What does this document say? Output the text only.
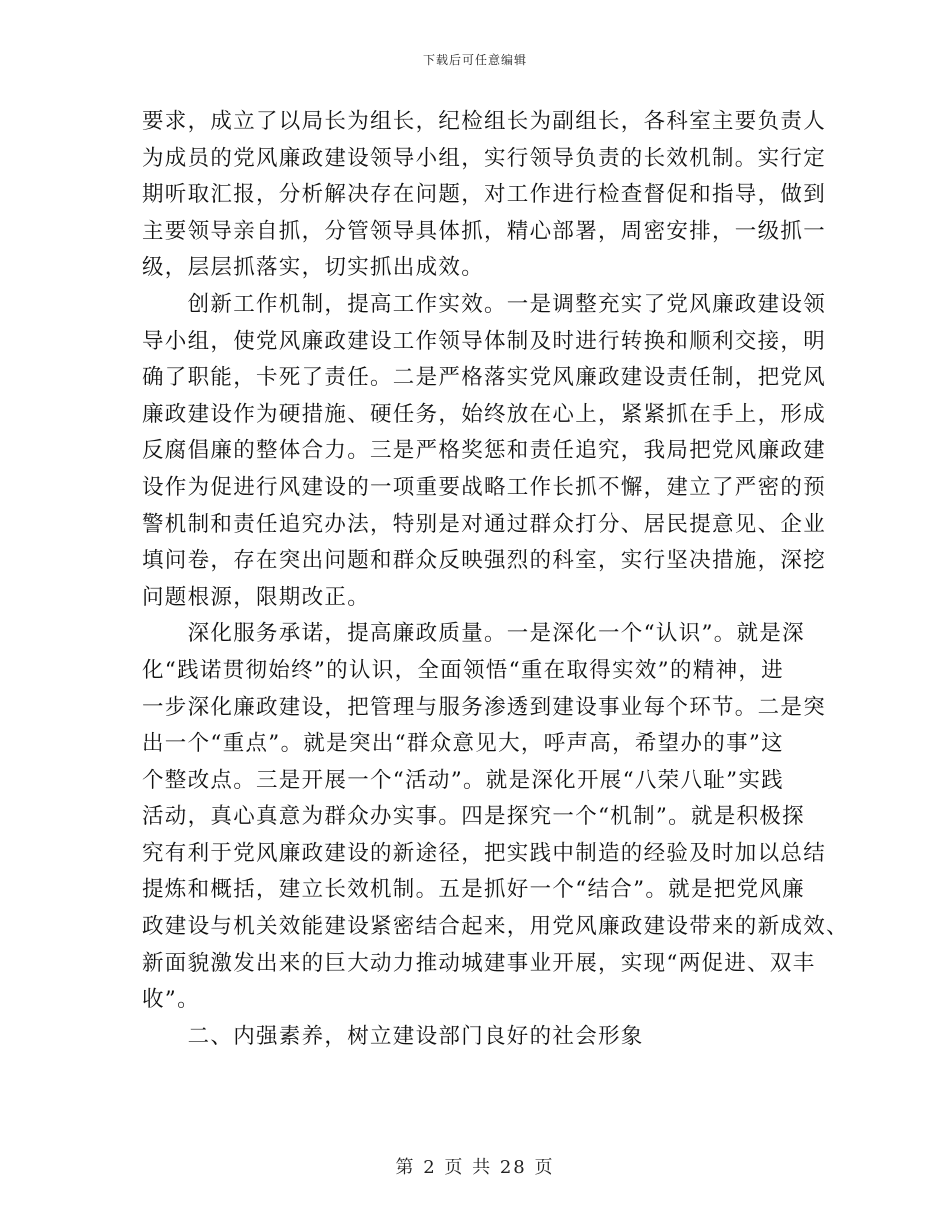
下载后可任意编辑
要求，成立了以局长为组长，纪检组长为副组长，各科室主要负责人
为成员的党风廉政建设领导小组，实行领导负责的长效机制。实行定
期听取汇报，分析解决存在问题，对工作进行检查督促和指导，做到
主要领导亲自抓，分管领导具体抓，精心部署，周密安排，一级抓一
级，层层抓落实，切实抓出成效。
　　创新工作机制，提高工作实效。一是调整充实了党风廉政建设领
导小组，使党风廉政建设工作领导体制及时进行转换和顺利交接，明
确了职能，卡死了责任。二是严格落实党风廉政建设责任制，把党风
廉政建设作为硬措施、硬任务，始终放在心上，紧紧抓在手上，形成
反腐倡廉的整体合力。三是严格奖惩和责任追究，我局把党风廉政建
设作为促进行风建设的一项重要战略工作长抓不懈，建立了严密的预
警机制和责任追究办法，特别是对通过群众打分、居民提意见、企业
填问卷，存在突出问题和群众反映强烈的科室，实行坚决措施，深挖
问题根源，限期改正。
　　深化服务承诺，提高廉政质量。一是深化一个“认识”。就是深
化“践诺贯彻始终”的认识，全面领悟“重在取得实效”的精神，进
一步深化廉政建设，把管理与服务渗透到建设事业每个环节。二是突
出一个“重点”。就是突出“群众意见大，呼声高，希望办的事”这
个整改点。三是开展一个“活动”。就是深化开展“八荣八耻”实践
活动，真心真意为群众办实事。四是探究一个“机制”。就是积极探
究有利于党风廉政建设的新途径，把实践中制造的经验及时加以总结
提炼和概括，建立长效机制。五是抓好一个“结合”。就是把党风廉
政建设与机关效能建设紧密结合起来，用党风廉政建设带来的新成效、
新面貌激发出来的巨大动力推动城建事业开展，实现“两促进、双丰
收”。
　　二、内强素养，树立建设部门良好的社会形象
第 2 页 共 28 页
